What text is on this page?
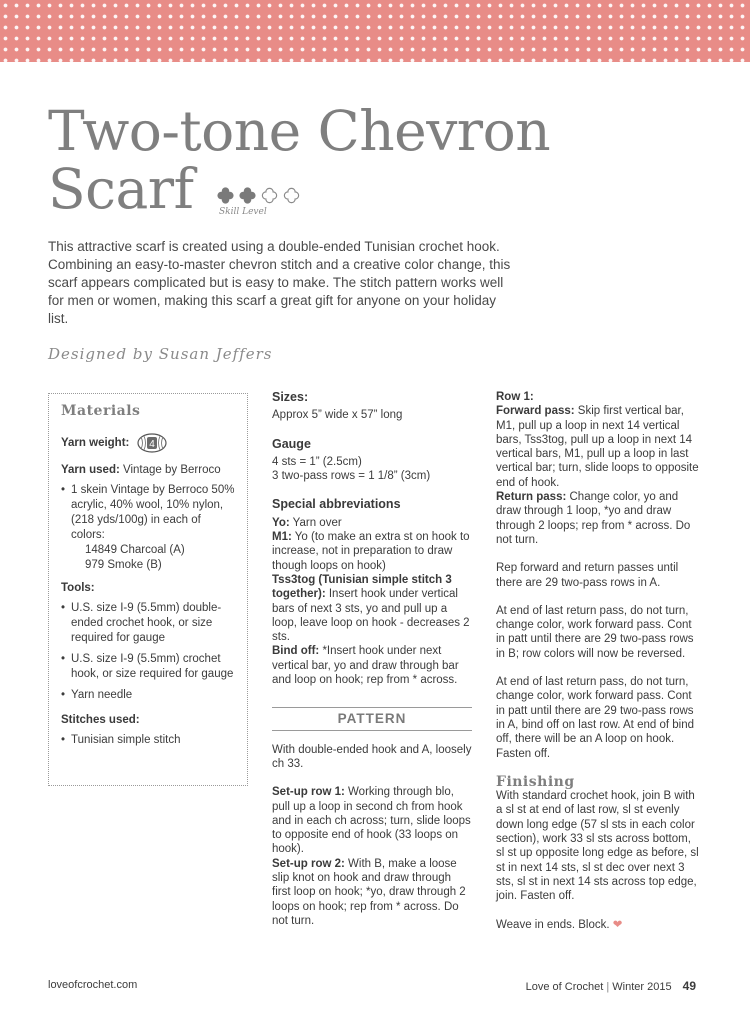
Two-tone Chevron
Scarf	Skill Level

This attractive scarf is created using a double-ended Tunisian crochet hook. Combining an easy-to-master chevron stitch and a creative color change, this scarf appears complicated but is easy to make. The stitch pattern works well for men or women, making this scarf a great gift for anyone on your holiday list.

Designed by Susan Jeffers
Materials
Yarn weight: 4
Yarn used: Vintage by Berroco
• 1 skein Vintage by Berroco 50% acrylic, 40% wool, 10% nylon, (218 yds/100g) in each of colors:
14849 Charcoal (A)
979 Smoke (B)
Tools:
• U.S. size I-9 (5.5mm) double-ended crochet hook, or size required for gauge
• U.S. size I-9 (5.5mm) crochet hook, or size required for gauge
• Yarn needle
Stitches used:
• Tunisian simple stitch

Sizes:

Approx 5” wide x 57” long

Gauge

4 sts = 1” (2.5cm)

3 two-pass rows = 1 1/8” (3cm)

Special abbreviations

Yo: Yarn over

M1: Yo (to make an extra st on hook to increase, not in preparation to draw though loops on hook)

Tss3tog (Tunisian simple stitch 3 together): Insert hook under vertical bars of next 3 sts, yo and pull up a loop, leave loop on hook - decreases 2 sts.

Bind off: *Insert hook under next vertical bar, yo and draw through bar and loop on hook; rep from * across.

PATTERN

With double-ended hook and A, loosely ch 33.

Set-up row 1: Working through blo, pull up a loop in second ch from hook and in each ch across; turn, slide loops to opposite end of hook (33 loops on hook).

Set-up row 2: With B, make a loose slip knot on hook and draw through first loop on hook; *yo, draw through 2 loops on hook; rep from * across. Do not turn.

Row 1:

Forward pass: Skip first vertical bar, M1, pull up a loop in next 14 vertical bars, Tss3tog, pull up a loop in next 14 vertical bars, M1, pull up a loop in last vertical bar; turn, slide loops to opposite end of hook.

Return pass: Change color, yo and draw through 1 loop, *yo and draw through 2 loops; rep from * across. Do not turn.

Rep forward and return passes until there are 29 two-pass rows in A.

At end of last return pass, do not turn, change color, work forward pass. Cont in patt until there are 29 two-pass rows in B; row colors will now be reversed.

At end of last return pass, do not turn, change color, work forward pass. Cont in patt until there are 29 two-pass rows in A, bind off on last row. At end of bind off, there will be an A loop on hook. Fasten off.

Finishing

With standard crochet hook, join B with a sl st at end of last row, sl st evenly down long edge (57 sl sts in each color section), work 33 sl sts across bottom, sl st up opposite long edge as before, sl st in next 14 sts, sl st dec over next 3 sts, sl st in next 14 sts across top edge, join. Fasten off.

Weave in ends. Block. ❤

loveofcrochet.com	Love of Crochet | Winter 2015 49
